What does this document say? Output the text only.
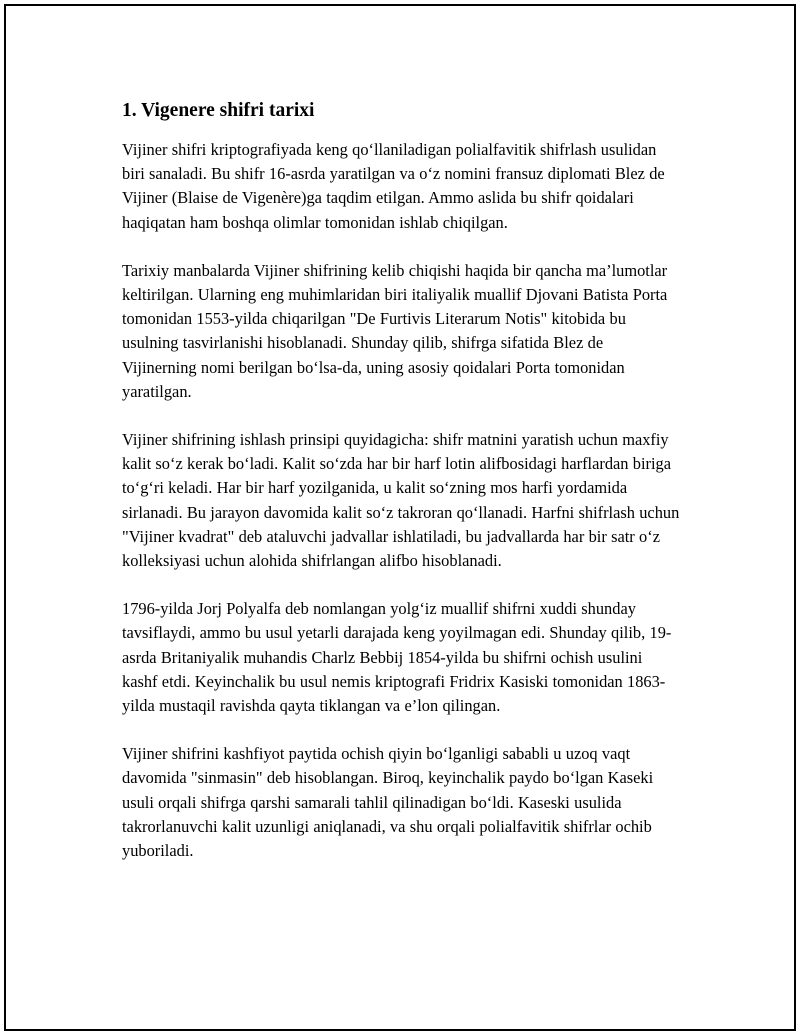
1. Vigenere shifri tarixi

Vijiner shifri kriptografiyada keng qo‘llaniladigan polialfavitik shifrlash usulidan biri sanaladi. Bu shifr 16-asrda yaratilgan va o‘z nomini fransuz diplomati Blez de Vijiner (Blaise de Vigenère)ga taqdim etilgan. Ammo aslida bu shifr qoidalari haqiqatan ham boshqa olimlar tomonidan ishlab chiqilgan.

Tarixiy manbalarda Vijiner shifrining kelib chiqishi haqida bir qancha ma’lumotlar keltirilgan. Ularning eng muhimlaridan biri italiyalik muallif Djovani Batista Porta tomonidan 1553-yilda chiqarilgan "De Furtivis Literarum Notis" kitobida bu usulning tasvirlanishi hisoblanadi. Shunday qilib, shifrga sifatida Blez de Vijinerning nomi berilgan bo‘lsa-da, uning asosiy qoidalari Porta tomonidan yaratilgan.

Vijiner shifrining ishlash prinsipi quyidagicha: shifr matnini yaratish uchun maxfiy kalit so‘z kerak bo‘ladi. Kalit so‘zda har bir harf lotin alifbosidagi harflardan biriga to‘g‘ri keladi. Har bir harf yozilganida, u kalit so‘zning mos harfi yordamida sirlanadi. Bu jarayon davomida kalit so‘z takroran qo‘llanadi. Harfni shifrlash uchun "Vijiner kvadrat" deb ataluvchi jadvallar ishlatiladi, bu jadvallarda har bir satr o‘z kolleksiyasi uchun alohida shifrlangan alifbo hisoblanadi.

1796-yilda Jorj Polyalfa deb nomlangan yolg‘iz muallif shifrni xuddi shunday tavsiflaydi, ammo bu usul yetarli darajada keng yoyilmagan edi. Shunday qilib, 19-asrda Britaniyalik muhandis Charlz Bebbij 1854-yilda bu shifrni ochish usulini kashf etdi. Keyinchalik bu usul nemis kriptografi Fridrix Kasiski tomonidan 1863-yilda mustaqil ravishda qayta tiklangan va e’lon qilingan.

Vijiner shifrini kashfiyot paytida ochish qiyin bo‘lganligi sababli u uzoq vaqt davomida "sinmasin" deb hisoblangan. Biroq, keyinchalik paydo bo‘lgan Kaseki usuli orqali shifrga qarshi samarali tahlil qilinadigan bo‘ldi. Kaseski usulida takrorlanuvchi kalit uzunligi aniqlanadi, va shu orqali polialfavitik shifrlar ochib yuboriladi.
